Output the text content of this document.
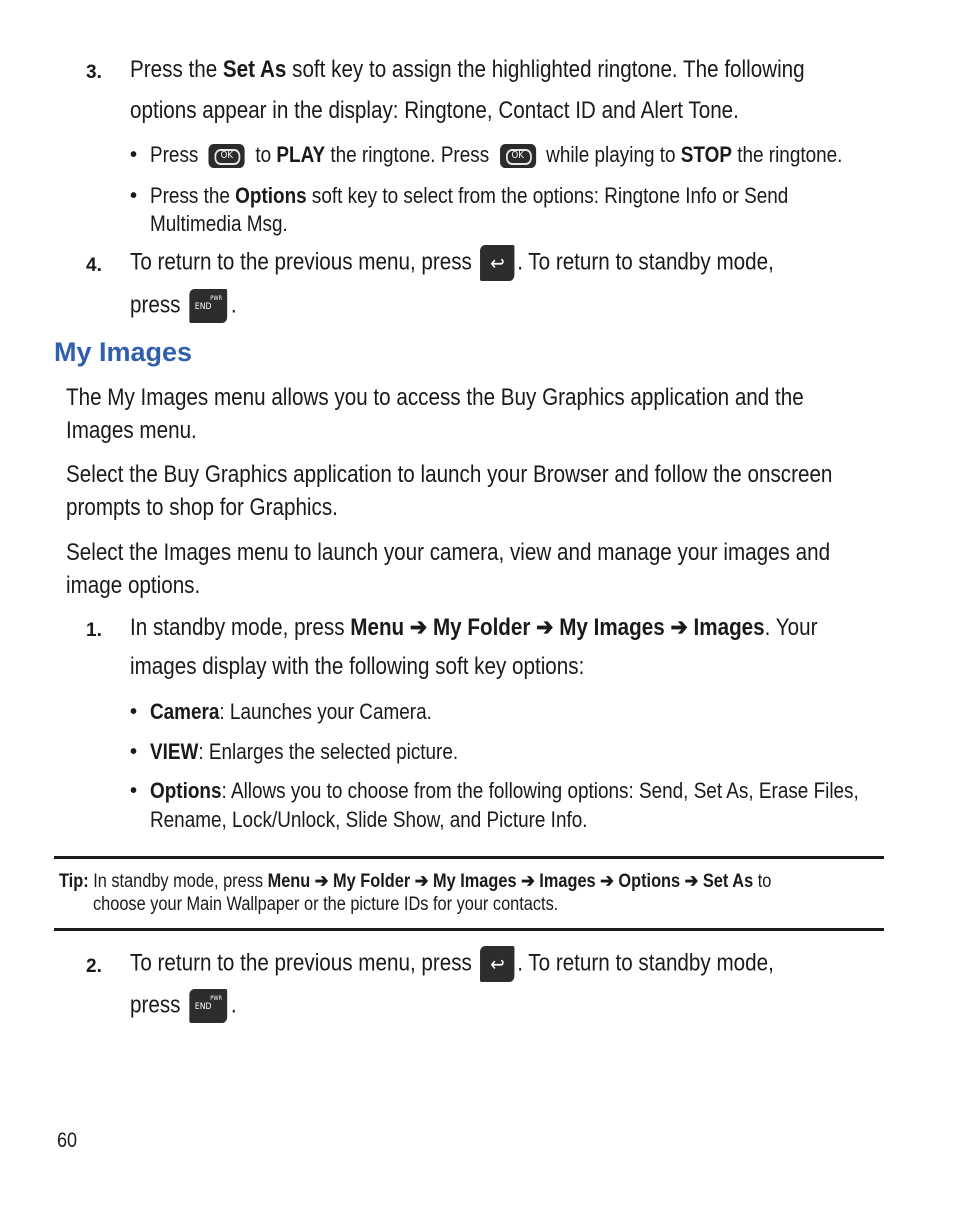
3. Press the Set As soft key to assign the highlighted ringtone. The following
options appear in the display: Ringtone, Contact ID and Alert Tone.
• Press	OK	to PLAY the ringtone. Press	OK	while playing to STOP the ringtone.
• Press the Options soft key to select from the options: Ringtone Info or Send
Multimedia Msg.
4. To return to the previous menu, press ↩ . To return to standby mode,
press END
PWR .
My Images
The My Images menu allows you to access the Buy Graphics application and the
Images menu.
Select the Buy Graphics application to launch your Browser and follow the onscreen
prompts to shop for Graphics.
Select the Images menu to launch your camera, view and manage your images and
image options.
1. In standby mode, press Menu ➔ My Folder ➔ My Images ➔ Images. Your
images display with the following soft key options:
• Camera: Launches your Camera.
• VIEW: Enlarges the selected picture.
• Options: Allows you to choose from the following options: Send, Set As, Erase Files,
Rename, Lock/Unlock, Slide Show, and Picture Info.
Tip: In standby mode, press Menu ➔ My Folder ➔ My Images ➔ Images ➔ Options ➔ Set As to
choose your Main Wallpaper or the picture IDs for your contacts.
2. To return to the previous menu, press ↩ . To return to standby mode,
press END
PWR .
60
